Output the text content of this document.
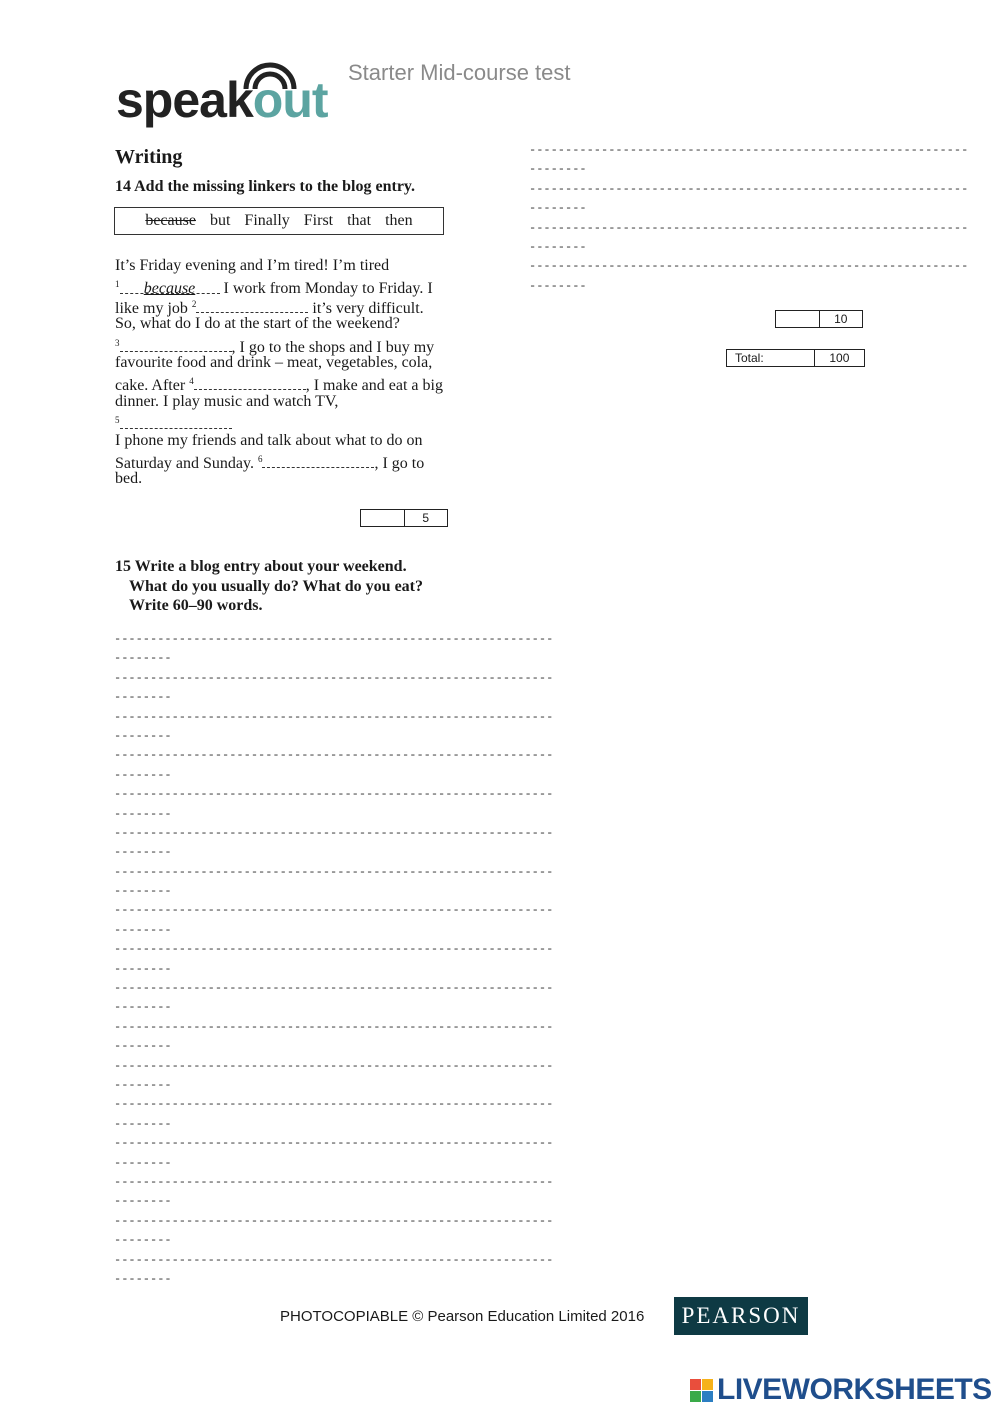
speakout Starter Mid-course test
Writing
14 Add the missing linkers to the blog entry.
because but Finally First that then
It’s Friday evening and I’m tired! I’m tired
$^1$ because I work from Monday to Friday. I
like my job $^2$	it’s very difficult.
So, what do I do at the start of the weekend?
$^3$	, I go to the shops and I buy my
favourite food and drink – meat, vegetables, cola,
cake. After $^4$	, I make and eat a big
dinner. I play music and watch TV,
$^5$
I phone my friends and talk about what to do on
Saturday and Sunday. $^6$	, I go to
bed.
5
15 Write a blog entry about your weekend.
What do you usually do? What do you eat?
Write 60–90 words.
-------------------------------------------------------------
--------
-------------------------------------------------------------
--------
-------------------------------------------------------------
--------
-------------------------------------------------------------
--------
-------------------------------------------------------------
--------
-------------------------------------------------------------
--------
-------------------------------------------------------------
--------
-------------------------------------------------------------
--------
-------------------------------------------------------------
--------
-------------------------------------------------------------
--------
-------------------------------------------------------------
--------
-------------------------------------------------------------
--------
-------------------------------------------------------------
--------
-------------------------------------------------------------
--------
-------------------------------------------------------------
--------
-------------------------------------------------------------
--------
-------------------------------------------------------------
--------
-------------------------------------------------------------
--------
-------------------------------------------------------------
--------
-------------------------------------------------------------
--------
-------------------------------------------------------------
--------
10
Total:	100
PHOTOCOPIABLE © Pearson Education Limited 2016	PEARSON
LIVEWORKSHEETS
